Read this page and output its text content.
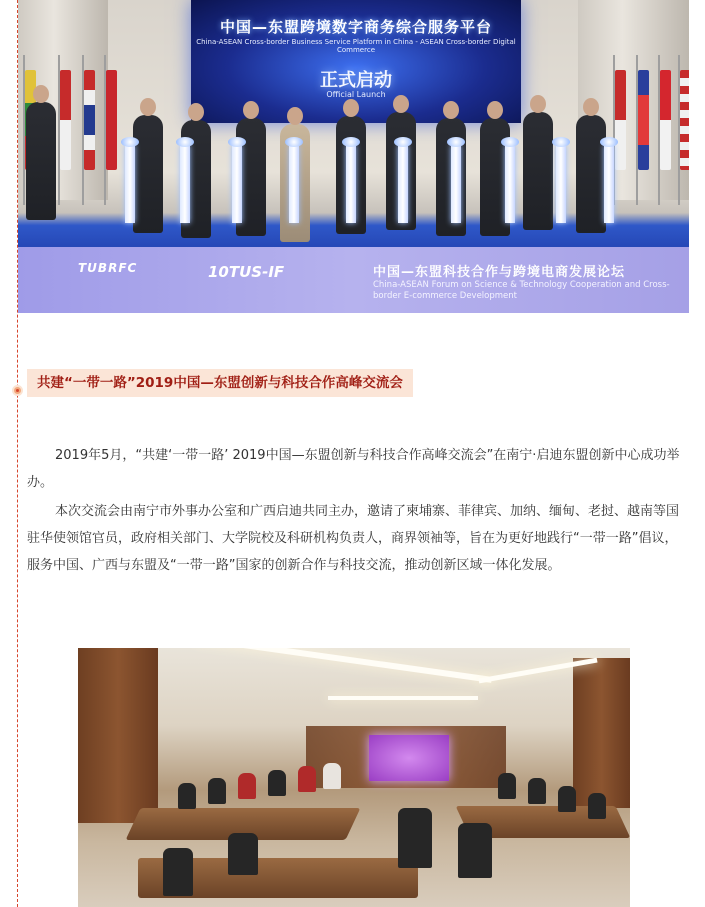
中国—东盟跨境数字商务综合服务平台
China-ASEAN Cross-border Business Service Platform in China - ASEAN Cross-border Digital Commerce
正式启动
Official Launch
TUBRFC	10TUS-IF	中国—东盟科技合作与跨境电商发展论坛
China-ASEAN Forum on Science & Technology Cooperation and Cross-border E-commerce Development
共建“一带一路”2019中国—东盟创新与科技合作高峰交流会

2019年5月，“共建‘一带一路’ 2019中国—东盟创新与科技合作高峰交流会”在南宁·启迪东盟创新中心成功举办。

本次交流会由南宁市外事办公室和广西启迪共同主办，邀请了柬埔寨、菲律宾、加纳、缅甸、老挝、越南等国驻华使领馆官员，政府相关部门、大学院校及科研机构负责人，商界领袖等，旨在为更好地践行“一带一路”倡议，服务中国、广西与东盟及“一带一路”国家的创新合作与科技交流，推动创新区域一体化发展。
